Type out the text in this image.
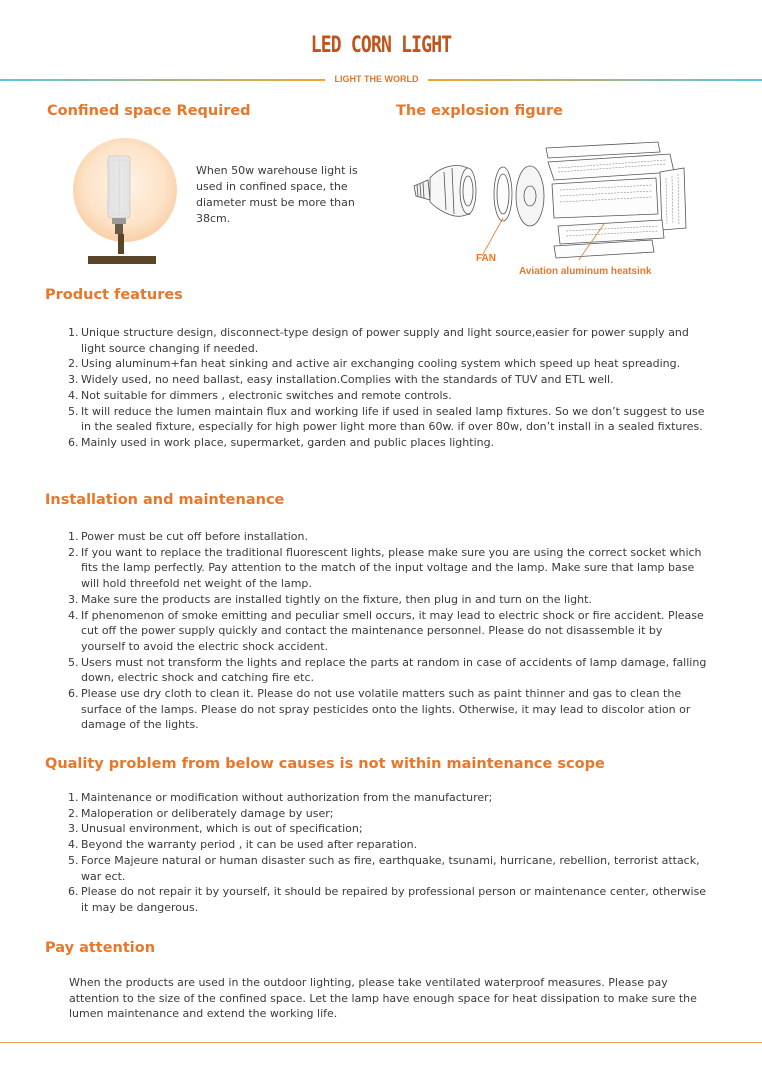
LED CORN LIGHT
LIGHT THE WORLD
Confined space Required
When 50w warehouse light is used in confined space, the diameter must be more than 38cm.
The explosion figure
FAN
Aviation aluminum heatsink
Product features
1. Unique structure design, disconnect-type design of power supply and light source,easier for power supply and light source changing if needed.
2. Using aluminum+fan heat sinking and active air exchanging cooling system which speed up heat spreading.
3. Widely used, no need ballast, easy installation.Complies with the standards of TUV and ETL well.
4. Not suitable for dimmers , electronic switches and remote controls.
5. It will reduce the lumen maintain flux and working life if used in sealed lamp fixtures. So we don’t suggest to use in the sealed fixture, especially for high power light more than 60w. if over 80w, don’t install in a sealed fixtures.
6. Mainly used in work place, supermarket, garden and public places lighting.
Installation and maintenance
1. Power must be cut off before installation.
2. If you want to replace the traditional fluorescent lights, please make sure you are using the correct socket which fits the lamp perfectly. Pay attention to the match of the input voltage and the lamp. Make sure that lamp base will hold threefold net weight of the lamp.
3. Make sure the products are installed tightly on the fixture, then plug in and turn on the light.
4. If phenomenon of smoke emitting and peculiar smell occurs, it may lead to electric shock or fire accident. Please cut off the power supply quickly and contact the maintenance personnel. Please do not disassemble it by yourself to avoid the electric shock accident.
5. Users must not transform the lights and replace the parts at random in case of accidents of lamp damage, falling down, electric shock and catching fire etc.
6. Please use dry cloth to clean it. Please do not use volatile matters such as paint thinner and gas to clean the surface of the lamps. Please do not spray pesticides onto the lights. Otherwise, it may lead to discolor ation or damage of the lights.
Quality problem from below causes is not within maintenance scope
1. Maintenance or modification without authorization from the manufacturer;
2. Maloperation or deliberately damage by user;
3. Unusual environment, which is out of specification;
4. Beyond the warranty period , it can be used after reparation.
5. Force Majeure natural or human disaster such as fire, earthquake, tsunami, hurricane, rebellion, terrorist attack, war ect.
6. Please do not repair it by yourself, it should be repaired by professional person or maintenance center, otherwise it may be dangerous.
Pay attention
When the products are used in the outdoor lighting, please take ventilated waterproof measures. Please pay attention to the size of the confined space. Let the lamp have enough space for heat dissipation to make sure the lumen maintenance and extend the working life.
